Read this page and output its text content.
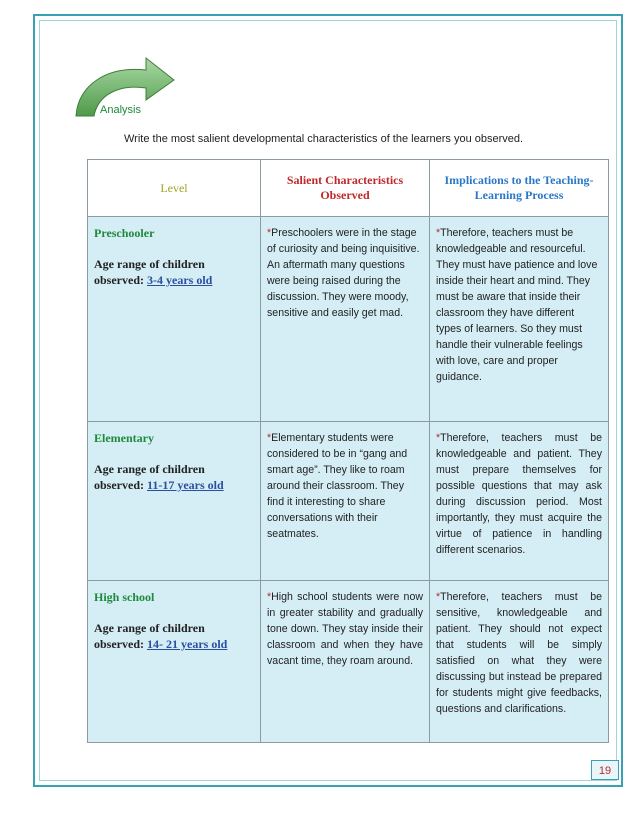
Analysis
Write the most salient developmental characteristics of the learners you observed.
Level	Salient Characteristics Observed	Implications to the Teaching-Learning Process

Preschooler
Age range of children observed: 3-4 years old	*Preschoolers were in the stage of curiosity and being inquisitive. An aftermath many questions were being raised during the discussion. They were moody, sensitive and easily get mad.	*Therefore, teachers must be knowledgeable and resourceful. They must have patience and love inside their heart and mind. They must be aware that inside their classroom they have different types of learners. So they must handle their vulnerable feelings with love, care and proper guidance.

Elementary
Age range of children observed: 11-17 years old	*Elementary students were considered to be in “gang and smart age”. They like to roam around their classroom. They find it interesting to share conversations with their seatmates.	*Therefore, teachers must be knowledgeable and patient. They must prepare themselves for possible questions that may ask during discussion period. Most importantly, they must acquire the virtue of patience in handling different scenarios.

High school
Age range of children observed: 14- 21 years old	*High school students were now in greater stability and gradually tone down. They stay inside their classroom and when they have vacant time, they roam around.	*Therefore, teachers must be sensitive, knowledgeable and patient. They should not expect that students will be simply satisfied on what they were discussing but instead be prepared for students might give feedbacks, questions and clarifications.
19
